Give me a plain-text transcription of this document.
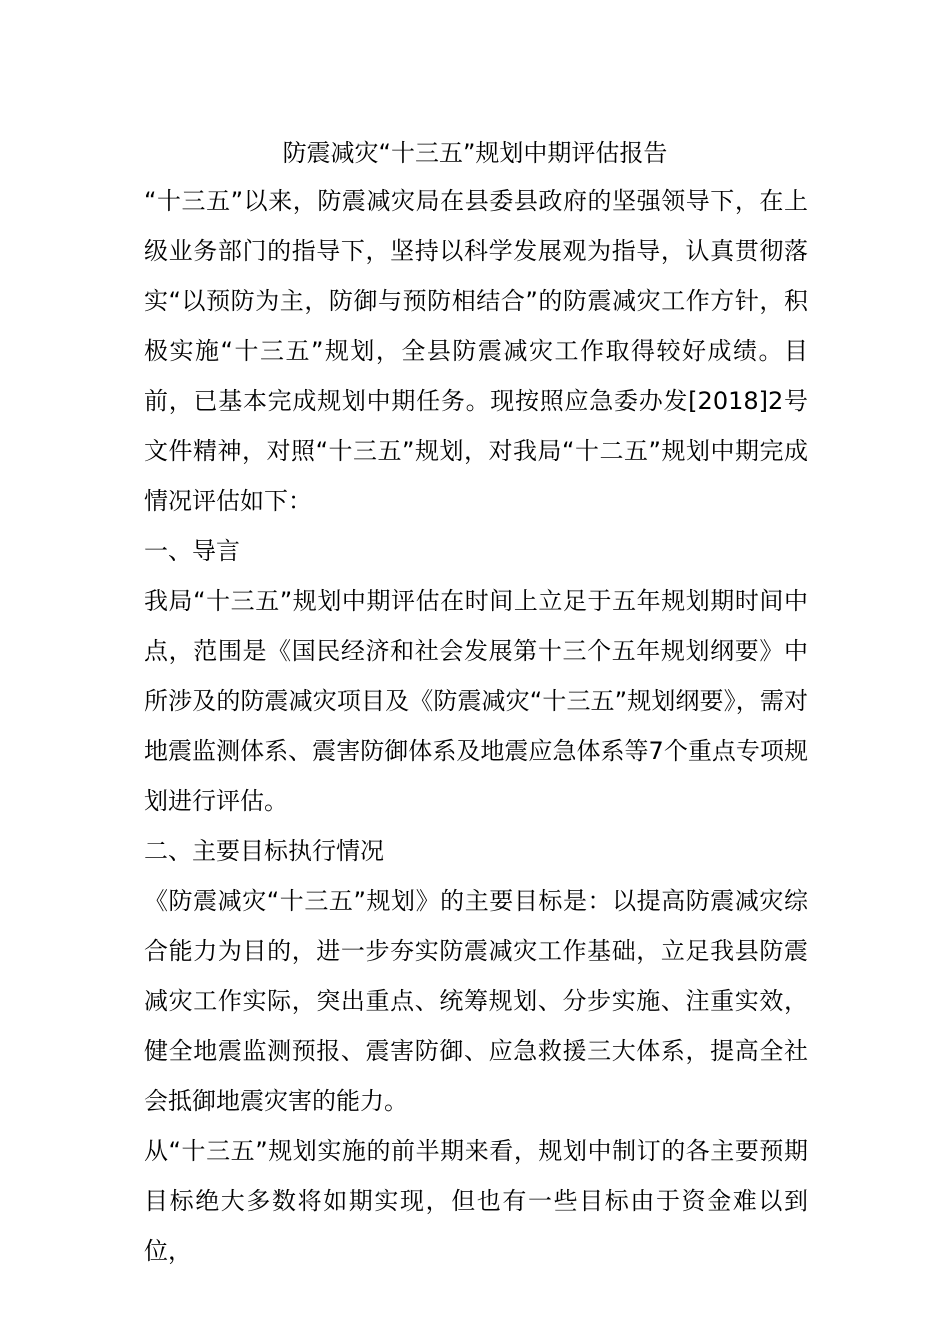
防震减灾“十三五”规划中期评估报告

“十三五”以来，防震减灾局在县委县政府的坚强领导下，在上级业务部门的指导下，坚持以科学发展观为指导，认真贯彻落实“以预防为主，防御与预防相结合”的防震减灾工作方针，积极实施“十三五”规划，全县防震减灾工作取得较好成绩。目前，已基本完成规划中期任务。现按照应急委办发[2018]2号文件精神，对照“十三五”规划，对我局“十二五”规划中期完成情况评估如下：

一、导言

我局“十三五”规划中期评估在时间上立足于五年规划期时间中点，范围是《国民经济和社会发展第十三个五年规划纲要》中所涉及的防震减灾项目及《防震减灾“十三五”规划纲要》，需对地震监测体系、震害防御体系及地震应急体系等7个重点专项规划进行评估。

二、主要目标执行情况

《防震减灾“十三五”规划》的主要目标是：以提高防震减灾综合能力为目的，进一步夯实防震减灾工作基础，立足我县防震减灾工作实际，突出重点、统筹规划、分步实施、注重实效，健全地震监测预报、震害防御、应急救援三大体系，提高全社会抵御地震灾害的能力。

从“十三五”规划实施的前半期来看，规划中制订的各主要预期目标绝大多数将如期实现，但也有一些目标由于资金难以到位，
